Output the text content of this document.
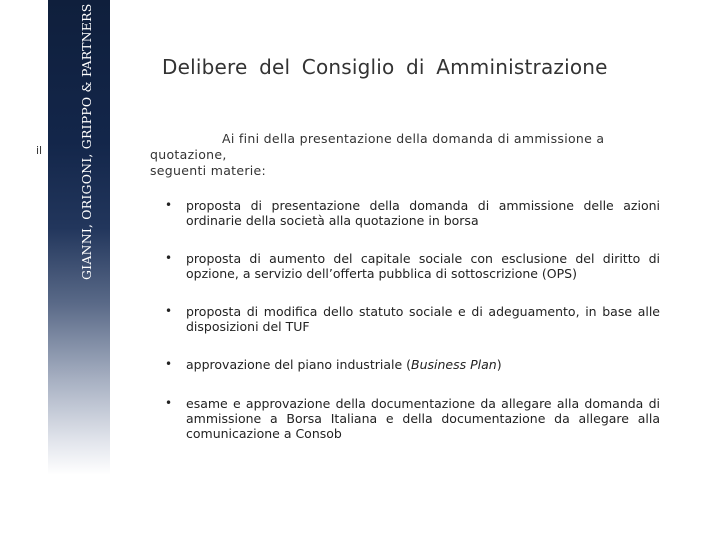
GIANNI, ORIGONI, GRIPPO & PARTNERS
il
Delibere del Consiglio di Amministrazione
Ai fini della presentazione della domanda di ammissione a
quotazione,
seguenti materie:
• proposta di presentazione della domanda di ammissione delle azioni ordinarie della società alla quotazione in borsa
• proposta di aumento del capitale sociale con esclusione del diritto di opzione, a servizio dell’offerta pubblica di sottoscrizione (OPS)
• proposta di modifica dello statuto sociale e di adeguamento, in base alle disposizioni del TUF
• approvazione del piano industriale (Business Plan)
• esame e approvazione della documentazione da allegare alla domanda di ammissione a Borsa Italiana e della documentazione da allegare alla comunicazione a Consob
